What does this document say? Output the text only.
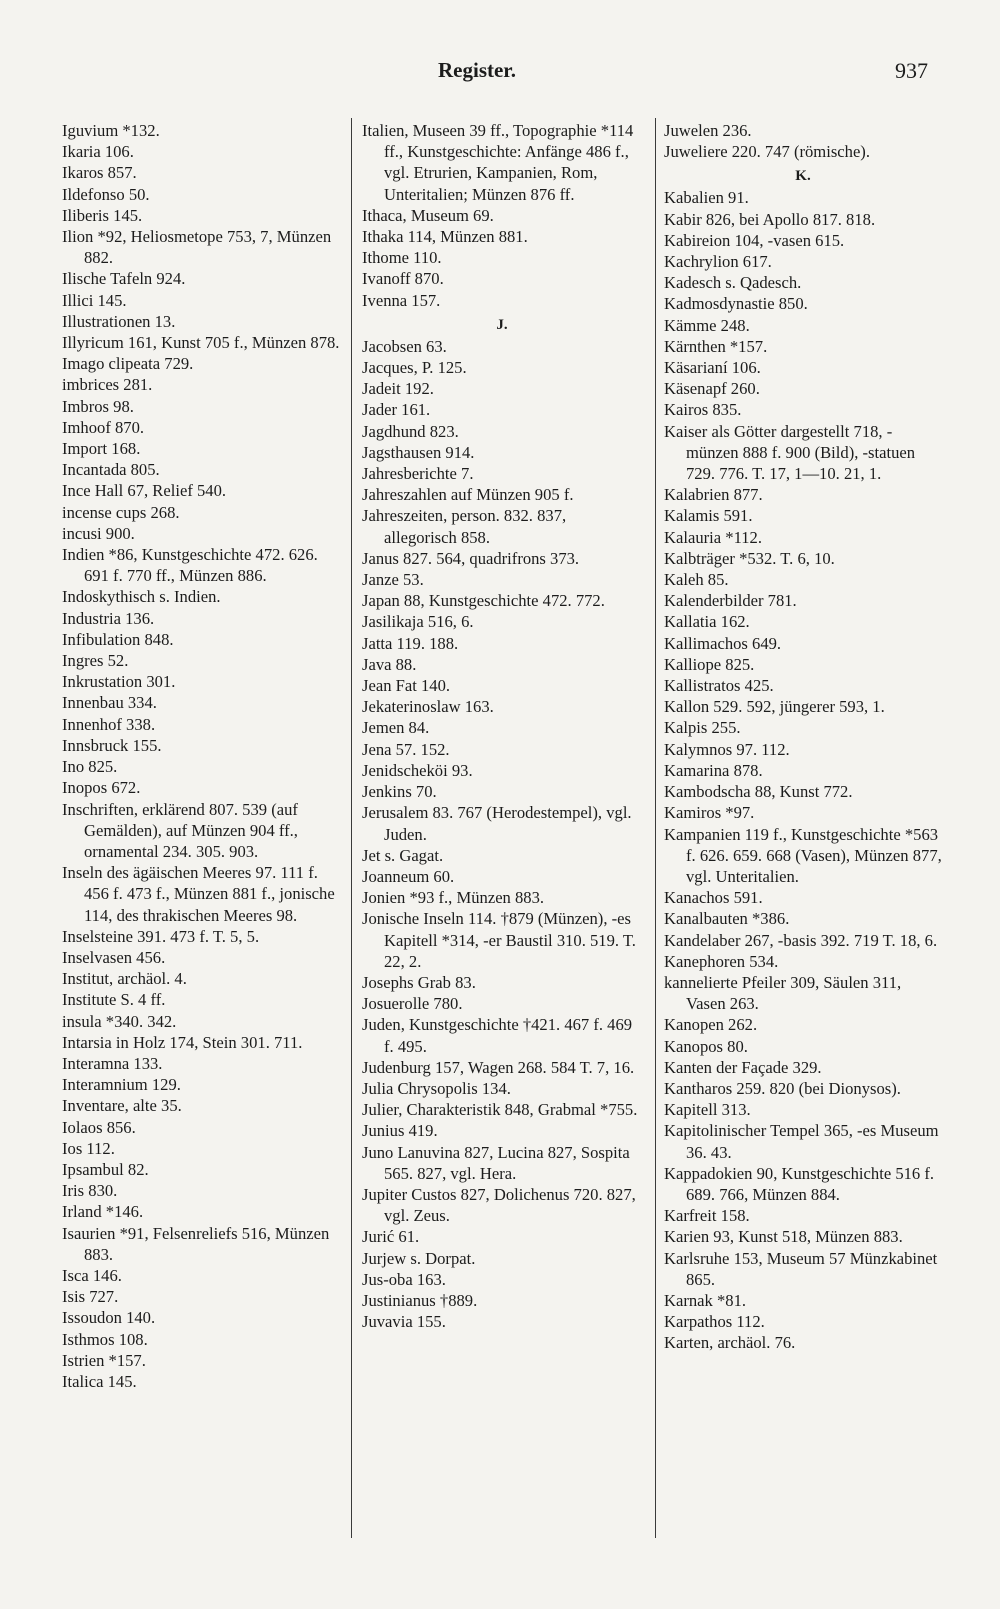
Register.	937
Iguvium *132.
Ikaria 106.
Ikaros 857.
Ildefonso 50.
Iliberis 145.
Ilion *92, Heliosmetope 753, 7, Münzen 882.
Ilische Tafeln 924.
Illici 145.
Illustrationen 13.
Illyricum 161, Kunst 705 f., Münzen 878.
Imago clipeata 729.
imbrices 281.
Imbros 98.
Imhoof 870.
Import 168.
Incantada 805.
Ince Hall 67, Relief 540.
incense cups 268.
incusi 900.
Indien *86, Kunstgeschichte 472. 626. 691 f. 770 ff., Münzen 886.
Indoskythisch s. Indien.
Industria 136.
Infibulation 848.
Ingres 52.
Inkrustation 301.
Innenbau 334.
Innenhof 338.
Innsbruck 155.
Ino 825.
Inopos 672.
Inschriften, erklärend 807. 539 (auf Gemälden), auf Münzen 904 ff., ornamental 234. 305. 903.
Inseln des ägäischen Meeres 97. 111 f. 456 f. 473 f., Münzen 881 f., jonische 114, des thrakischen Meeres 98.
Inselsteine 391. 473 f. T. 5, 5.
Inselvasen 456.
Institut, archäol. 4.
Institute S. 4 ff.
insula *340. 342.
Intarsia in Holz 174, Stein 301. 711.
Interamna 133.
Interamnium 129.
Inventare, alte 35.
Iolaos 856.
Ios 112.
Ipsambul 82.
Iris 830.
Irland *146.
Isaurien *91, Felsenreliefs 516, Münzen 883.
Isca 146.
Isis 727.
Issoudon 140.
Isthmos 108.
Istrien *157.
Italica 145.
Italien, Museen 39 ff., Topographie *114 ff., Kunstgeschichte: Anfänge 486 f., vgl. Etrurien, Kampanien, Rom, Unteritalien; Münzen 876 ff.
Ithaca, Museum 69.
Ithaka 114, Münzen 881.
Ithome 110.
Ivanoff 870.
Ivenna 157.
J.
Jacobsen 63.
Jacques, P. 125.
Jadeit 192.
Jader 161.
Jagdhund 823.
Jagsthausen 914.
Jahresberichte 7.
Jahreszahlen auf Münzen 905 f.
Jahreszeiten, person. 832. 837, allegorisch 858.
Janus 827. 564, quadrifrons 373.
Janze 53.
Japan 88, Kunstgeschichte 472. 772.
Jasilikaja 516, 6.
Jatta 119. 188.
Java 88.
Jean Fat 140.
Jekaterinoslaw 163.
Jemen 84.
Jena 57. 152.
Jenidscheköi 93.
Jenkins 70.
Jerusalem 83. 767 (Herodestempel), vgl. Juden.
Jet s. Gagat.
Joanneum 60.
Jonien *93 f., Münzen 883.
Jonische Inseln 114. †879 (Münzen), -es Kapitell *314, -er Baustil 310. 519. T. 22, 2.
Josephs Grab 83.
Josuerolle 780.
Juden, Kunstgeschichte †421. 467 f. 469 f. 495.
Judenburg 157, Wagen 268. 584 T. 7, 16.
Julia Chrysopolis 134.
Julier, Charakteristik 848, Grabmal *755.
Junius 419.
Juno Lanuvina 827, Lucina 827, Sospita 565. 827, vgl. Hera.
Jupiter Custos 827, Dolichenus 720. 827, vgl. Zeus.
Jurić 61.
Jurjew s. Dorpat.
Jus-oba 163.
Justinianus †889.
Juvavia 155.
Juwelen 236.
Juweliere 220. 747 (römische).
K.
Kabalien 91.
Kabir 826, bei Apollo 817. 818.
Kabireion 104, -vasen 615.
Kachrylion 617.
Kadesch s. Qadesch.
Kadmosdynastie 850.
Kämme 248.
Kärnthen *157.
Käsarianí 106.
Käsenapf 260.
Kairos 835.
Kaiser als Götter dargestellt 718, -münzen 888 f. 900 (Bild), -statuen 729. 776. T. 17, 1—10. 21, 1.
Kalabrien 877.
Kalamis 591.
Kalauria *112.
Kalbträger *532. T. 6, 10.
Kaleh 85.
Kalenderbilder 781.
Kallatia 162.
Kallimachos 649.
Kalliope 825.
Kallistratos 425.
Kallon 529. 592, jüngerer 593, 1.
Kalpis 255.
Kalymnos 97. 112.
Kamarina 878.
Kambodscha 88, Kunst 772.
Kamiros *97.
Kampanien 119 f., Kunstgeschichte *563 f. 626. 659. 668 (Vasen), Münzen 877, vgl. Unteritalien.
Kanachos 591.
Kanalbauten *386.
Kandelaber 267, -basis 392. 719 T. 18, 6.
Kanephoren 534.
kannelierte Pfeiler 309, Säulen 311, Vasen 263.
Kanopen 262.
Kanopos 80.
Kanten der Façade 329.
Kantharos 259. 820 (bei Dionysos).
Kapitell 313.
Kapitolinischer Tempel 365, -es Museum 36. 43.
Kappadokien 90, Kunstgeschichte 516 f. 689. 766, Münzen 884.
Karfreit 158.
Karien 93, Kunst 518, Münzen 883.
Karlsruhe 153, Museum 57 Münzkabinet 865.
Karnak *81.
Karpathos 112.
Karten, archäol. 76.
